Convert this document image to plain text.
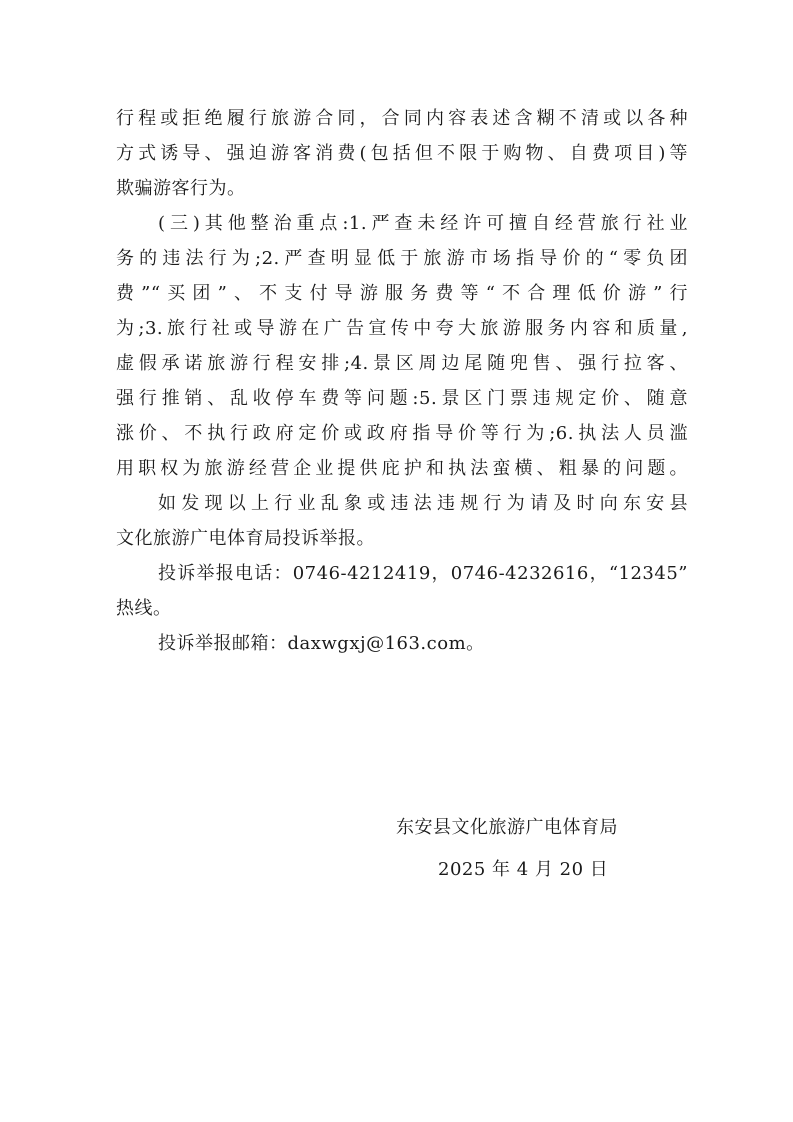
行程或拒绝履行旅游合同，合同内容表述含糊不清或以各种
方式诱导、强迫游客消费(包括但不限于购物、自费项目)等
欺骗游客行为。
(三)其他整治重点:1.严查未经许可擅自经营旅行社业
务的违法行为;2.严查明显低于旅游市场指导价的“零负团
费”“买团”、不支付导游服务费等“不合理低价游”行
为;3.旅行社或导游在广告宣传中夸大旅游服务内容和质量,
虚假承诺旅游行程安排;4.景区周边尾随兜售、强行拉客、
强行推销、乱收停车费等问题:5.景区门票违规定价、随意
涨价、不执行政府定价或政府指导价等行为;6.执法人员滥
用职权为旅游经营企业提供庇护和执法蛮横、粗暴的问题。
如发现以上行业乱象或违法违规行为请及时向东安县
文化旅游广电体育局投诉举报。
投诉举报电话：0746-4212419，0746-4232616，“12345”
热线。
投诉举报邮箱：daxwgxj@163.com。
东安县文化旅游广电体育局
2025 年 4 月 20 日
